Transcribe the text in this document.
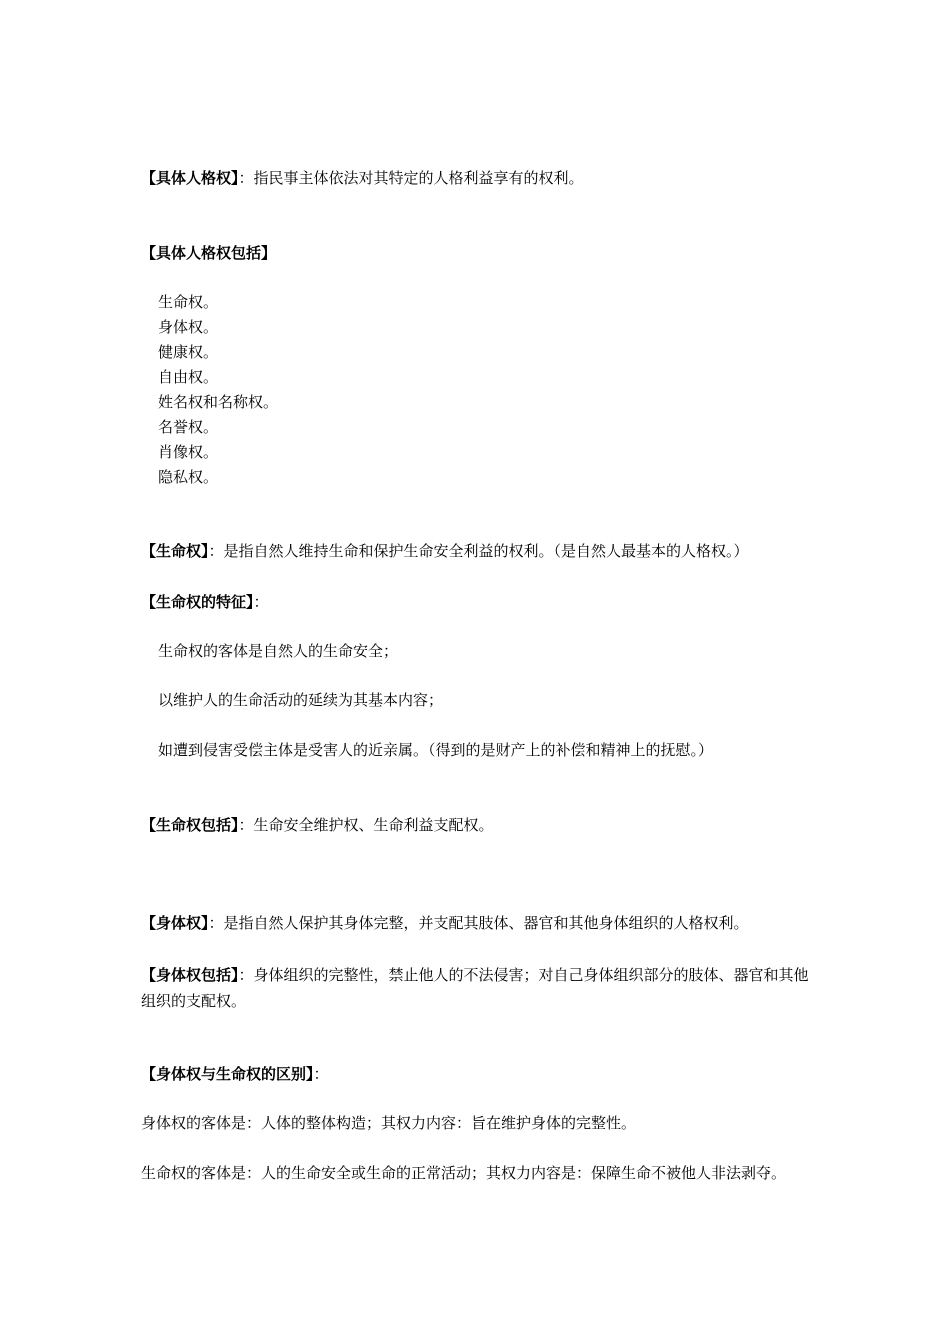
【具体人格权】：指民事主体依法对其特定的人格利益享有的权利。
【具体人格权包括】
生命权。
身体权。
健康权。
自由权。
姓名权和名称权。
名誉权。
肖像权。
隐私权。
【生命权】：是指自然人维持生命和保护生命安全利益的权利。（是自然人最基本的人格权。）
【生命权的特征】：
生命权的客体是自然人的生命安全；
以维护人的生命活动的延续为其基本内容；
如遭到侵害受偿主体是受害人的近亲属。（得到的是财产上的补偿和精神上的抚慰。）
【生命权包括】：生命安全维护权、生命利益支配权。
【身体权】：是指自然人保护其身体完整，并支配其肢体、器官和其他身体组织的人格权利。
【身体权包括】：身体组织的完整性，禁止他人的不法侵害；对自己身体组织部分的肢体、器官和其他组织的支配权。
【身体权与生命权的区别】：
身体权的客体是：人体的整体构造；其权力内容：旨在维护身体的完整性。
生命权的客体是：人的生命安全或生命的正常活动；其权力内容是：保障生命不被他人非法剥夺。
